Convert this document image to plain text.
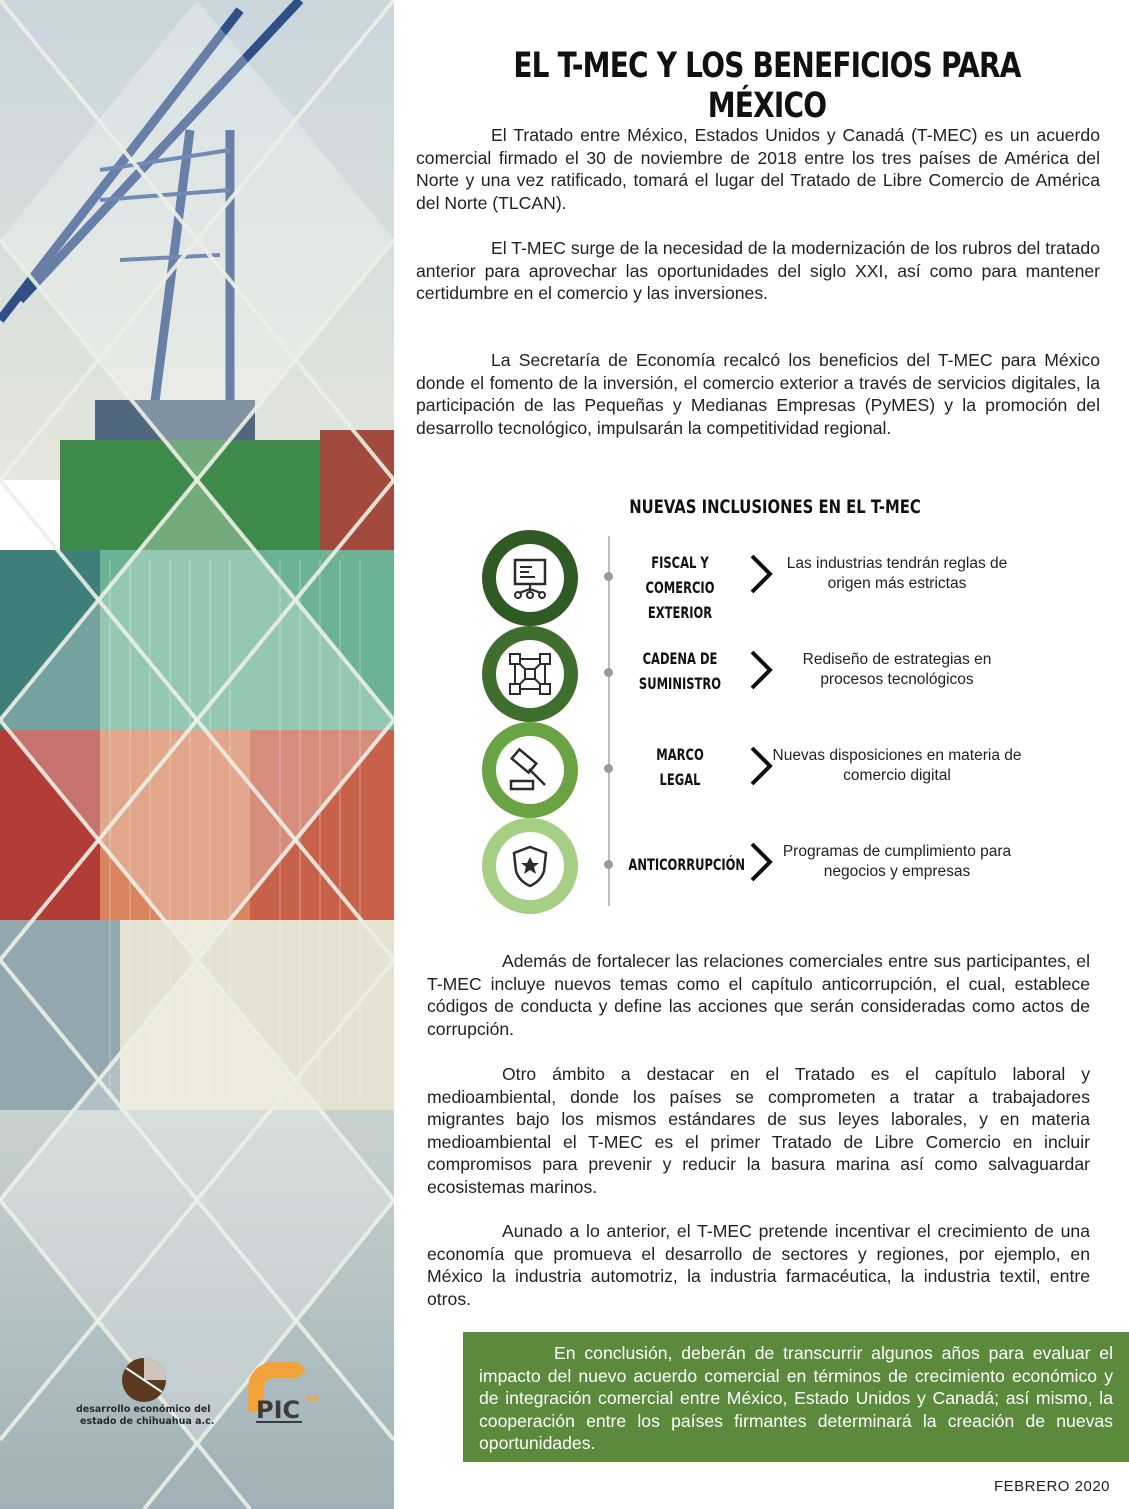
desarrollo económico del
estado de chihuahua a.c. PIC SP
EL T-MEC Y LOS BENEFICIOS PARA MÉXICO

El Tratado entre México, Estados Unidos y Canadá (T-MEC) es un acuerdo comercial firmado el 30 de noviembre de 2018 entre los tres países de América del Norte y una vez ratificado, tomará el lugar del Tratado de Libre Comercio de América del Norte (TLCAN).

El T-MEC surge de la necesidad de la modernización de los rubros del tratado anterior para aprovechar las oportunidades del siglo XXI, así como para mantener certidumbre en el comercio y las inversiones.

La Secretaría de Economía recalcó los beneficios del T-MEC para México donde el fomento de la inversión, el comercio exterior a través de servicios digitales, la participación de las Pequeñas y Medianas Empresas (PyMES) y la promoción del desarrollo tecnológico, impulsarán la competitividad regional.

NUEVAS INCLUSIONES EN EL T-MEC
FISCAL Y COMERCIO EXTERIOR
Las industrias tendrán reglas de origen más estrictas
CADENA DE SUMINISTRO
Rediseño de estrategias en procesos tecnológicos
MARCO LEGAL
Nuevas disposiciones en materia de comercio digital
ANTICORRUPCIÓN
Programas de cumplimiento para negocios y empresas

Además de fortalecer las relaciones comerciales entre sus participantes, el T-MEC incluye nuevos temas como el capítulo anticorrupción, el cual, establece códigos de conducta y define las acciones que serán consideradas como actos de corrupción.

Otro ámbito a destacar en el Tratado es el capítulo laboral y medioambiental, donde los países se comprometen a tratar a trabajadores migrantes bajo los mismos estándares de sus leyes laborales, y en materia medioambiental el T-MEC es el primer Tratado de Libre Comercio en incluir compromisos para prevenir y reducir la basura marina así como salvaguardar ecosistemas marinos.

Aunado a lo anterior, el T-MEC pretende incentivar el crecimiento de una economía que promueva el desarrollo de sectores y regiones, por ejemplo, en México la industria automotriz, la industria farmacéutica, la industria textil, entre otros.

En conclusión, deberán de transcurrir algunos años para evaluar el impacto del nuevo acuerdo comercial en términos de crecimiento económico y de integración comercial entre México, Estado Unidos y Canadá; así mismo, la cooperación entre los países firmantes determinará la creación de nuevas oportunidades.
FEBRERO 2020
